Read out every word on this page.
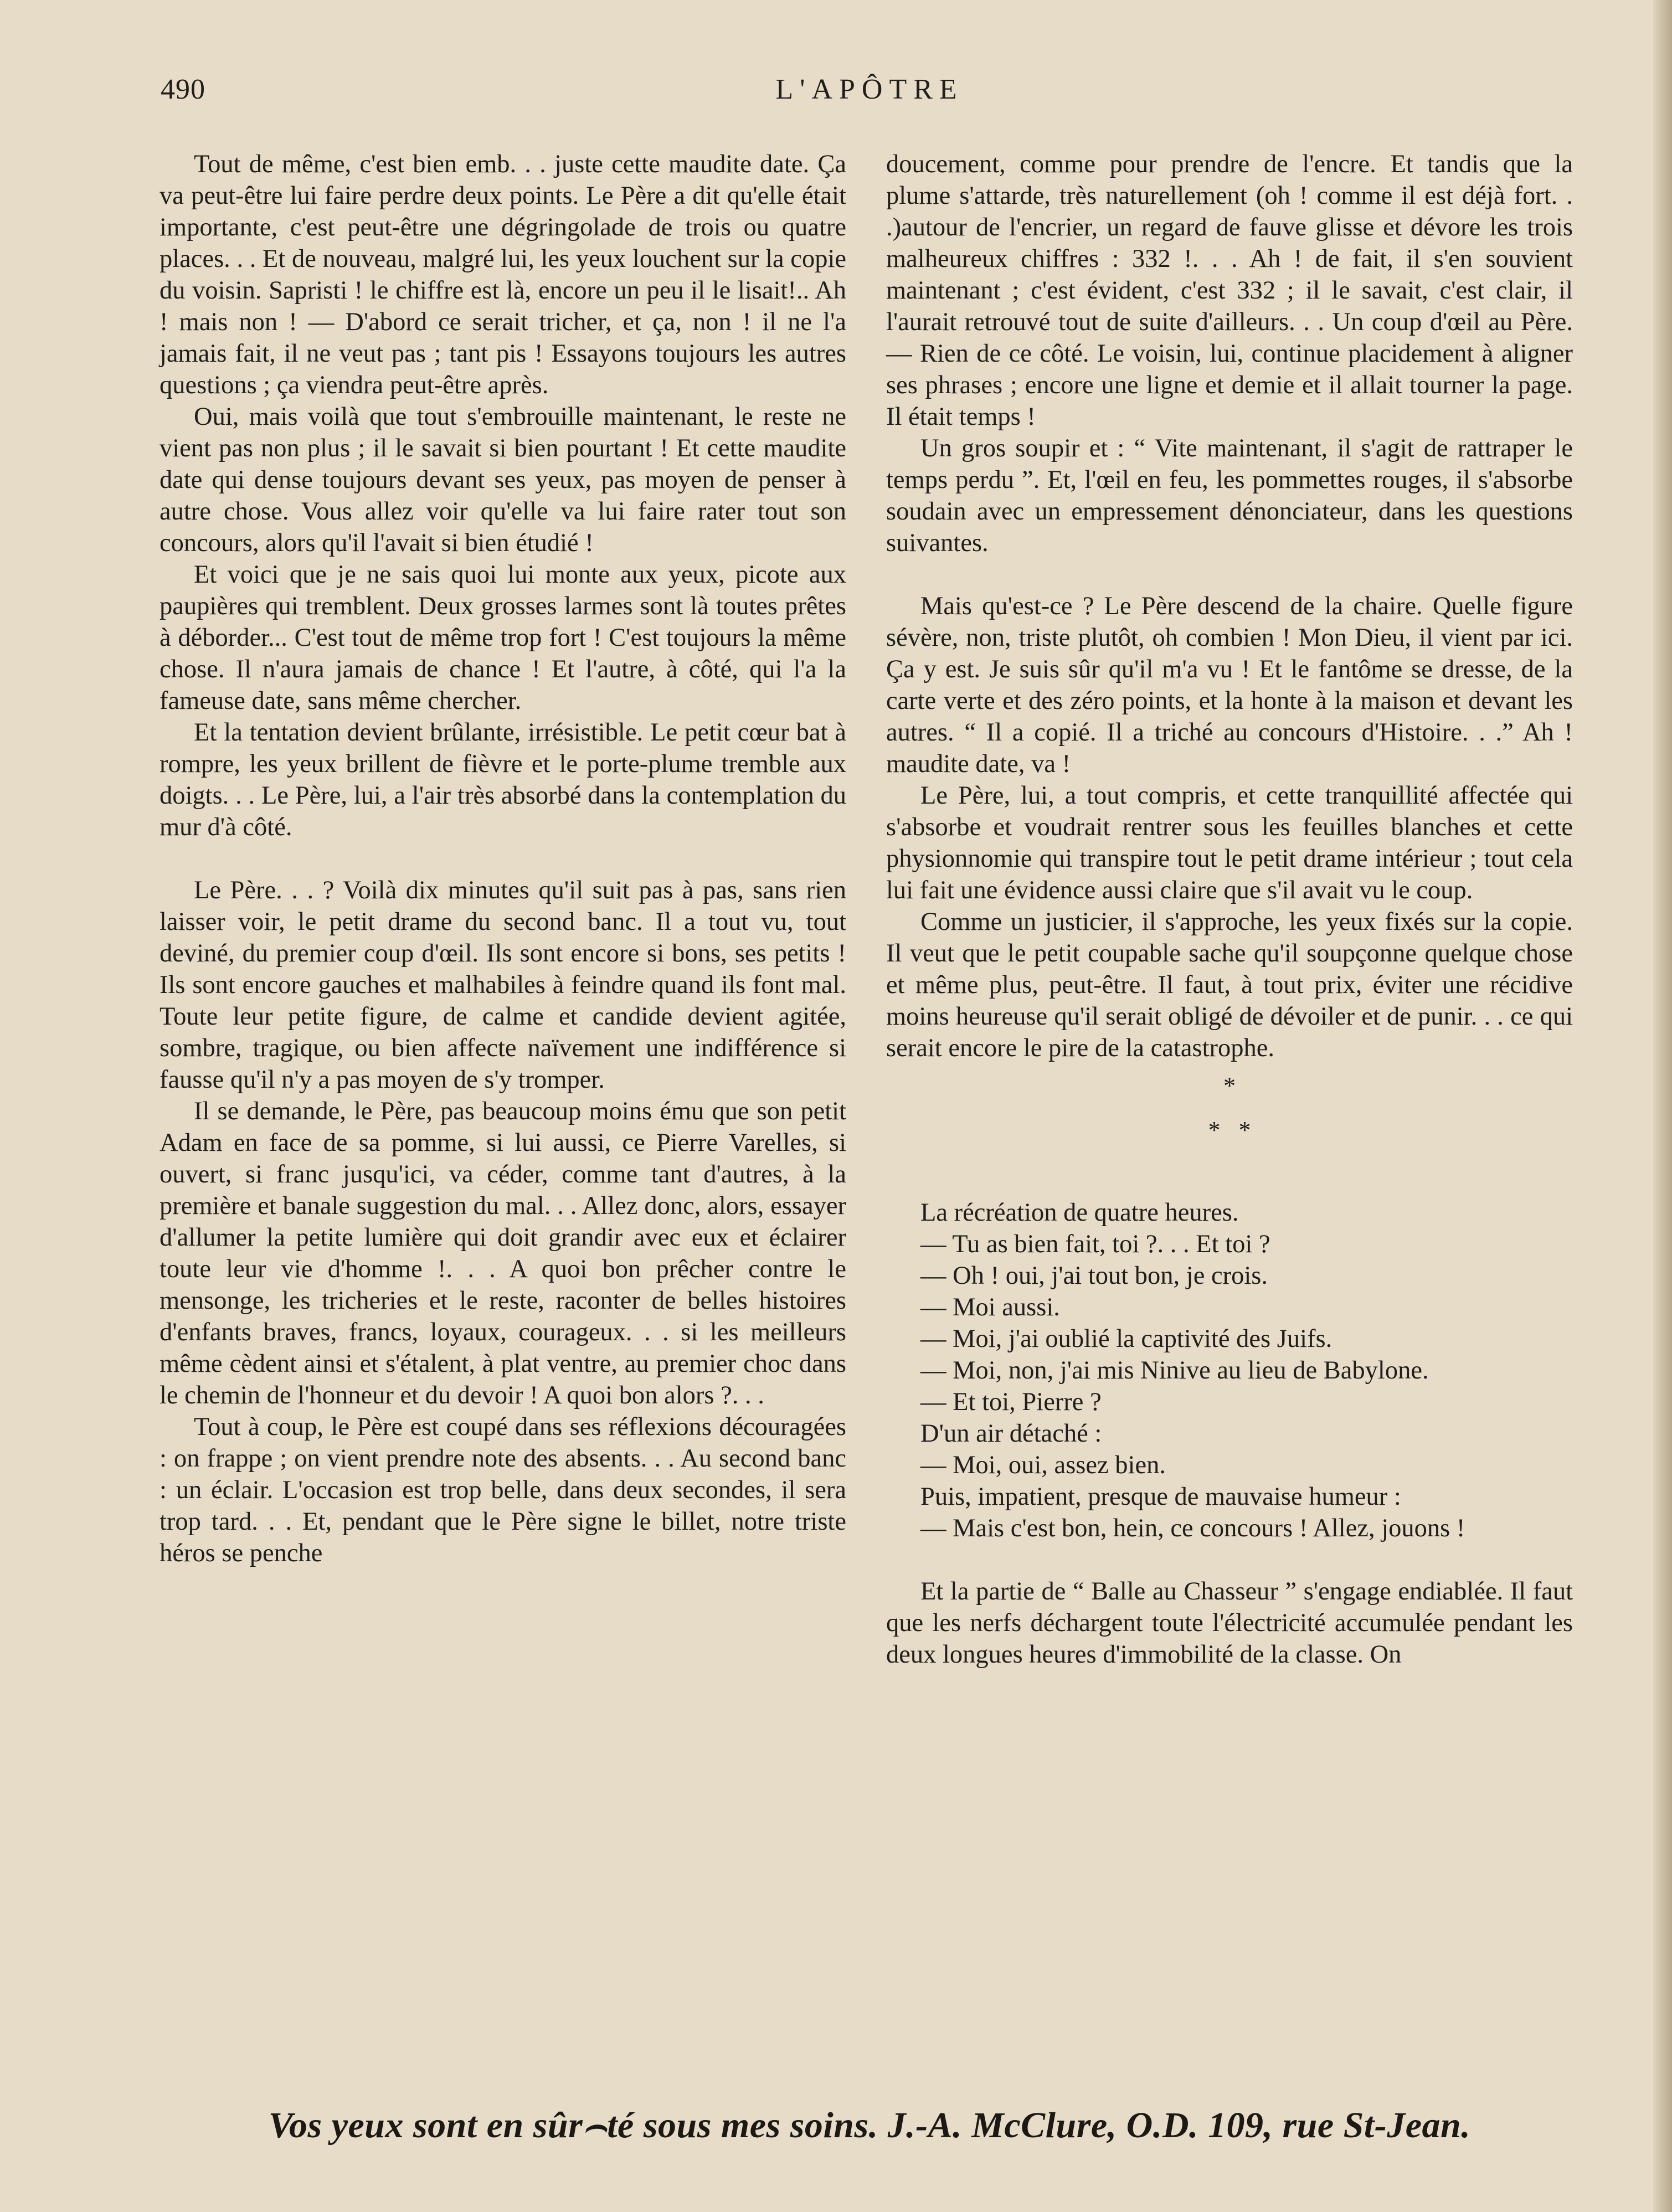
490	L'APÔTRE

Tout de même, c'est bien emb. . . juste cette maudite date. Ça va peut-être lui faire perdre deux points. Le Père a dit qu'elle était importante, c'est peut-être une dégringolade de trois ou quatre places. . . Et de nouveau, malgré lui, les yeux louchent sur la copie du voisin. Sapristi ! le chiffre est là, encore un peu il le lisait!.. Ah ! mais non ! — D'abord ce serait tricher, et ça, non ! il ne l'a jamais fait, il ne veut pas ; tant pis ! Essayons toujours les autres questions ; ça viendra peut-être après.

Oui, mais voilà que tout s'embrouille maintenant, le reste ne vient pas non plus ; il le savait si bien pourtant ! Et cette maudite date qui dense toujours devant ses yeux, pas moyen de penser à autre chose. Vous allez voir qu'elle va lui faire rater tout son concours, alors qu'il l'avait si bien étudié !

Et voici que je ne sais quoi lui monte aux yeux, picote aux paupières qui tremblent. Deux grosses larmes sont là toutes prêtes à déborder... C'est tout de même trop fort ! C'est toujours la même chose. Il n'aura jamais de chance ! Et l'autre, à côté, qui l'a la fameuse date, sans même chercher.

Et la tentation devient brûlante, irrésistible. Le petit cœur bat à rompre, les yeux brillent de fièvre et le porte-plume tremble aux doigts. . . Le Père, lui, a l'air très absorbé dans la contemplation du mur d'à côté.

Le Père. . . ? Voilà dix minutes qu'il suit pas à pas, sans rien laisser voir, le petit drame du second banc. Il a tout vu, tout deviné, du premier coup d'œil. Ils sont encore si bons, ses petits ! Ils sont encore gauches et malhabiles à feindre quand ils font mal. Toute leur petite figure, de calme et candide devient agitée, sombre, tragique, ou bien affecte naïvement une indifférence si fausse qu'il n'y a pas moyen de s'y tromper.

Il se demande, le Père, pas beaucoup moins ému que son petit Adam en face de sa pomme, si lui aussi, ce Pierre Varelles, si ouvert, si franc jusqu'ici, va céder, comme tant d'autres, à la première et banale suggestion du mal. . . Allez donc, alors, essayer d'allumer la petite lumière qui doit grandir avec eux et éclairer toute leur vie d'homme !. . . A quoi bon prêcher contre le mensonge, les tricheries et le reste, raconter de belles histoires d'enfants braves, francs, loyaux, courageux. . . si les meilleurs même cèdent ainsi et s'étalent, à plat ventre, au premier choc dans le chemin de l'honneur et du devoir ! A quoi bon alors ?. . .

Tout à coup, le Père est coupé dans ses réflexions découragées : on frappe ; on vient prendre note des absents. . . Au second banc : un éclair. L'occasion est trop belle, dans deux secondes, il sera trop tard. . . Et, pendant que le Père signe le billet, notre triste héros se penche

doucement, comme pour prendre de l'encre. Et tandis que la plume s'attarde, très naturellement (oh ! comme il est déjà fort. . .)autour de l'encrier, un regard de fauve glisse et dévore les trois malheureux chiffres : 332 !. . . Ah ! de fait, il s'en souvient maintenant ; c'est évident, c'est 332 ; il le savait, c'est clair, il l'aurait retrouvé tout de suite d'ailleurs. . . Un coup d'œil au Père.— Rien de ce côté. Le voisin, lui, continue placidement à aligner ses phrases ; encore une ligne et demie et il allait tourner la page. Il était temps !

Un gros soupir et : “ Vite maintenant, il s'agit de rattraper le temps perdu ”. Et, l'œil en feu, les pommettes rouges, il s'absorbe soudain avec un empressement dénonciateur, dans les questions suivantes.

Mais qu'est-ce ? Le Père descend de la chaire. Quelle figure sévère, non, triste plutôt, oh combien ! Mon Dieu, il vient par ici. Ça y est. Je suis sûr qu'il m'a vu ! Et le fantôme se dresse, de la carte verte et des zéro points, et la honte à la maison et devant les autres. “ Il a copié. Il a triché au concours d'Histoire. . .” Ah ! maudite date, va !

Le Père, lui, a tout compris, et cette tranquillité affectée qui s'absorbe et voudrait rentrer sous les feuilles blanches et cette physionnomie qui transpire tout le petit drame intérieur ; tout cela lui fait une évidence aussi claire que s'il avait vu le coup.

Comme un justicier, il s'approche, les yeux fixés sur la copie. Il veut que le petit coupable sache qu'il soupçonne quelque chose et même plus, peut-être. Il faut, à tout prix, éviter une récidive moins heureuse qu'il serait obligé de dévoiler et de punir. . . ce qui serait encore le pire de la catastrophe.

*
*   *

La récréation de quatre heures.

— Tu as bien fait, toi ?. . . Et toi ?

— Oh ! oui, j'ai tout bon, je crois.

— Moi aussi.

— Moi, j'ai oublié la captivité des Juifs.

— Moi, non, j'ai mis Ninive au lieu de Babylone.

— Et toi, Pierre ?

D'un air détaché :

— Moi, oui, assez bien.

Puis, impatient, presque de mauvaise humeur :

— Mais c'est bon, hein, ce concours ! Allez, jouons !

Et la partie de “ Balle au Chasseur ” s'engage endiablée. Il faut que les nerfs déchargent toute l'électricité accumulée pendant les deux longues heures d'immobilité de la classe. On

Vos yeux sont en sûr⌢té sous mes soins. J.-A. McClure, O.D. 109, rue St-Jean.
